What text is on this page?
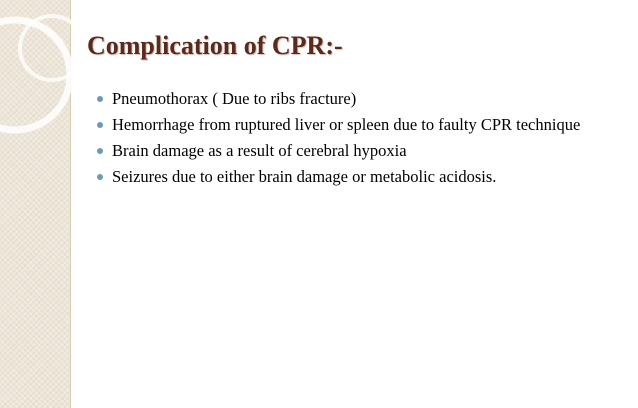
Complication of CPR:-
Pneumothorax ( Due to ribs fracture)
Hemorrhage from ruptured liver or spleen due to faulty CPR technique
Brain damage as a result of cerebral hypoxia
Seizures due to either brain damage or metabolic acidosis.
